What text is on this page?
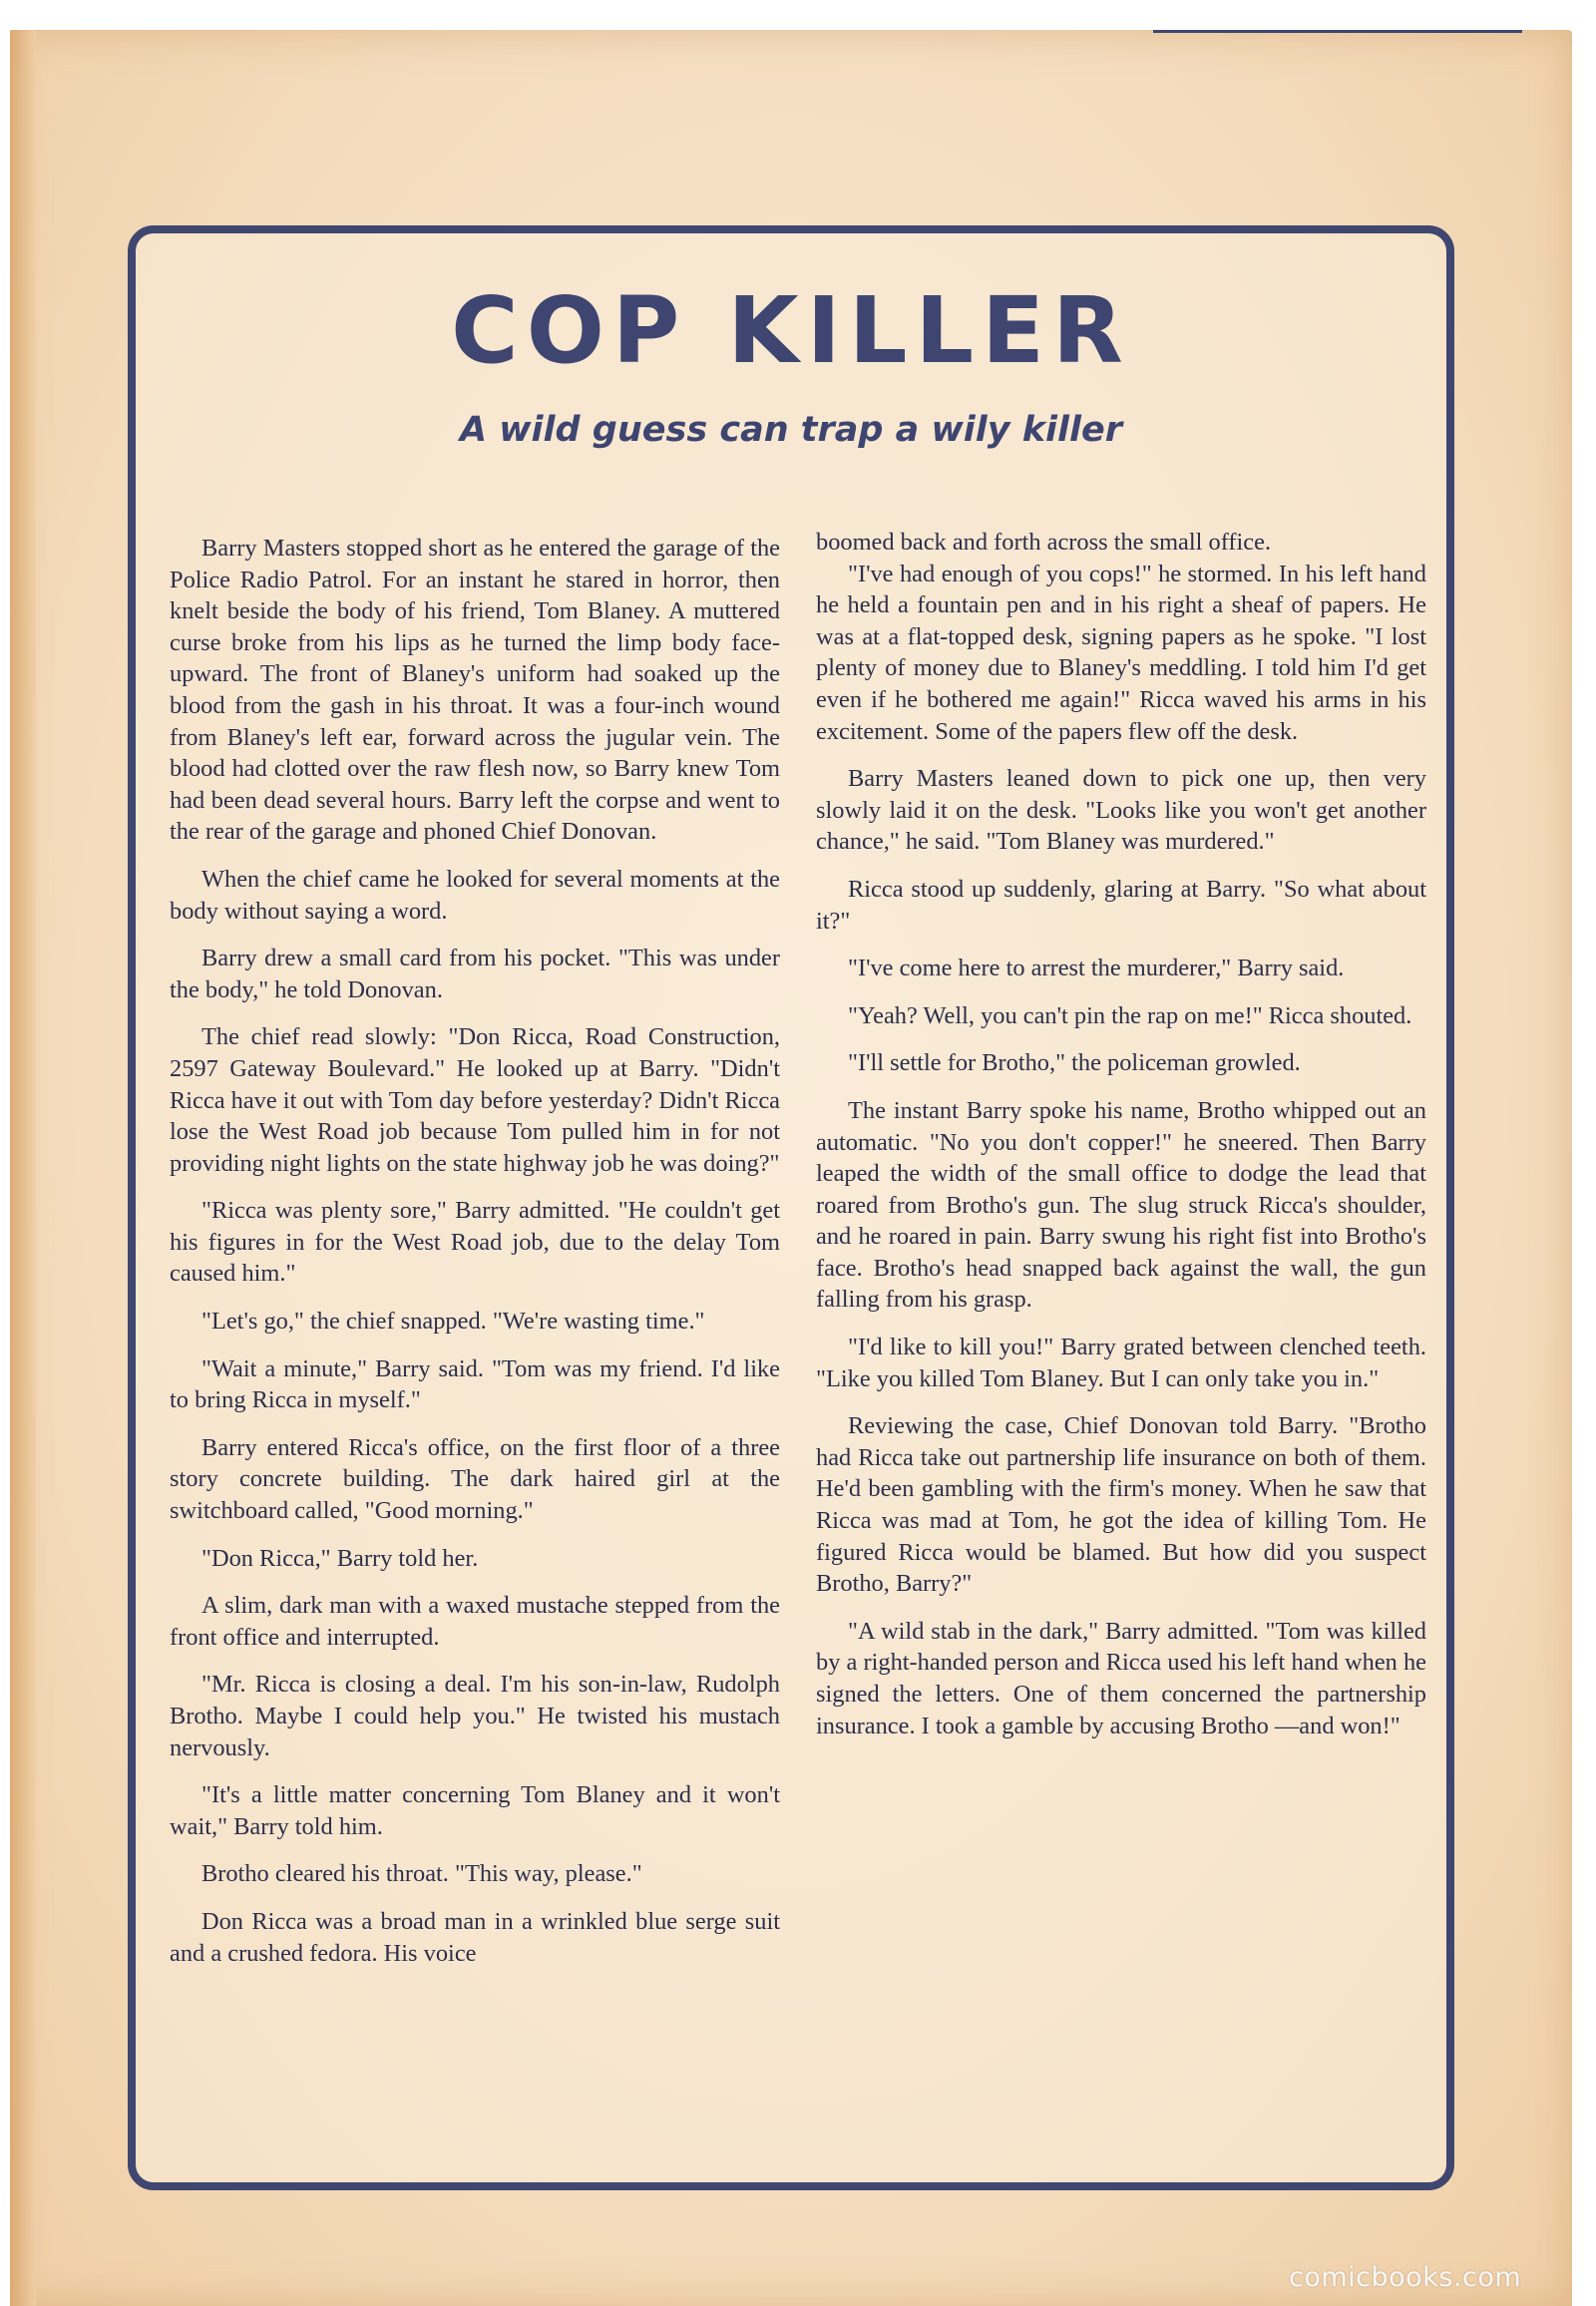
COP KILLER
A wild guess can trap a wily killer

Barry Masters stopped short as he entered the garage of the Police Radio Patrol. For an instant he stared in horror, then knelt beside the body of his friend, Tom Blaney. A muttered curse broke from his lips as he turned the limp body face-upward. The front of Blaney's uniform had soaked up the blood from the gash in his throat. It was a four-inch wound from Blaney's left ear, forward across the jugular vein. The blood had clotted over the raw flesh now, so Barry knew Tom had been dead several hours. Barry left the corpse and went to the rear of the garage and phoned Chief Donovan.

When the chief came he looked for several moments at the body without saying a word.

Barry drew a small card from his pocket. "This was under the body," he told Donovan.

The chief read slowly: "Don Ricca, Road Construction, 2597 Gateway Boulevard." He looked up at Barry. "Didn't Ricca have it out with Tom day before yesterday? Didn't Ricca lose the West Road job because Tom pulled him in for not providing night lights on the state highway job he was doing?"

"Ricca was plenty sore," Barry admitted. "He couldn't get his figures in for the West Road job, due to the delay Tom caused him."

"Let's go," the chief snapped. "We're wasting time."

"Wait a minute," Barry said. "Tom was my friend. I'd like to bring Ricca in myself."

Barry entered Ricca's office, on the first floor of a three story concrete building. The dark haired girl at the switchboard called, "Good morning."

"Don Ricca," Barry told her.

A slim, dark man with a waxed mustache stepped from the front office and interrupted.

"Mr. Ricca is closing a deal. I'm his son-in-law, Rudolph Brotho. Maybe I could help you." He twisted his mustach nervously.

"It's a little matter concerning Tom Blaney and it won't wait," Barry told him.

Brotho cleared his throat. "This way, please."

Don Ricca was a broad man in a wrinkled blue serge suit and a crushed fedora. His voice

boomed back and forth across the small office.

"I've had enough of you cops!" he stormed. In his left hand he held a fountain pen and in his right a sheaf of papers. He was at a flat-topped desk, signing papers as he spoke. "I lost plenty of money due to Blaney's meddling. I told him I'd get even if he bothered me again!" Ricca waved his arms in his excitement. Some of the papers flew off the desk.

Barry Masters leaned down to pick one up, then very slowly laid it on the desk. "Looks like you won't get another chance," he said. "Tom Blaney was murdered."

Ricca stood up suddenly, glaring at Barry. "So what about it?"

"I've come here to arrest the murderer," Barry said.

"Yeah? Well, you can't pin the rap on me!" Ricca shouted.

"I'll settle for Brotho," the policeman growled.

The instant Barry spoke his name, Brotho whipped out an automatic. "No you don't copper!" he sneered. Then Barry leaped the width of the small office to dodge the lead that roared from Brotho's gun. The slug struck Ricca's shoulder, and he roared in pain. Barry swung his right fist into Brotho's face. Brotho's head snapped back against the wall, the gun falling from his grasp.

"I'd like to kill you!" Barry grated between clenched teeth. "Like you killed Tom Blaney. But I can only take you in."

Reviewing the case, Chief Donovan told Barry. "Brotho had Ricca take out partnership life insurance on both of them. He'd been gambling with the firm's money. When he saw that Ricca was mad at Tom, he got the idea of killing Tom. He figured Ricca would be blamed. But how did you suspect Brotho, Barry?"

"A wild stab in the dark," Barry admitted. "Tom was killed by a right-handed person and Ricca used his left hand when he signed the letters. One of them concerned the partnership insurance. I took a gamble by accusing Brotho —and won!"

comicbooks.com
